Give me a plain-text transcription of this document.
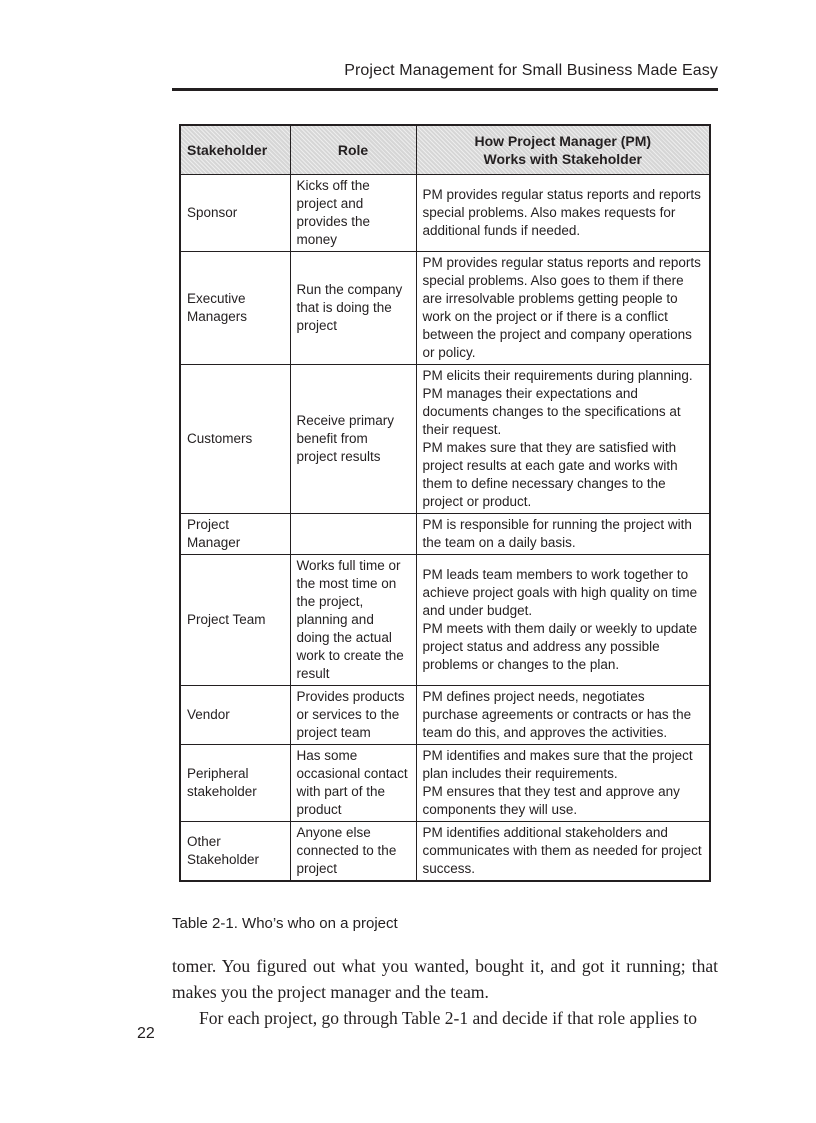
Project Management for Small Business Made Easy
Stakeholder	Role	How Project Manager (PM)
Works with Stakeholder

Sponsor	Kicks off the project and provides the money	PM provides regular status reports and reports special problems. Also makes requests for additional funds if needed.

Executive Managers	Run the company that is doing the project	PM provides regular status reports and reports special problems. Also goes to them if there are irresolvable problems getting people to work on the project or if there is a conflict between the project and company operations or policy.

Customers	Receive primary benefit from project results	PM elicits their requirements during planning. PM manages their expectations and documents changes to the specifications at their request.
PM makes sure that they are satisfied with project results at each gate and works with them to define necessary changes to the project or product.

Project Manager		PM is responsible for running the project with the team on a daily basis.

Project Team	Works full time or the most time on the project, planning and doing the actual work to create the result	PM leads team members to work together to achieve project goals with high quality on time and under budget.
PM meets with them daily or weekly to update project status and address any possible problems or changes to the plan.

Vendor	Provides products or services to the project team	PM defines project needs, negotiates purchase agreements or contracts or has the team do this, and approves the activities.

Peripheral stakeholder	Has some occasional contact with part of the product	PM identifies and makes sure that the project plan includes their requirements.
PM ensures that they test and approve any components they will use.

Other Stakeholder	Anyone else connected to the project	PM identifies additional stakeholders and communicates with them as needed for project success.
Table 2-1. Who’s who on a project

tomer. You figured out what you wanted, bought it, and got it running; that makes you the project manager and the team.

For each project, go through Table 2-1 and decide if that role applies to

22
